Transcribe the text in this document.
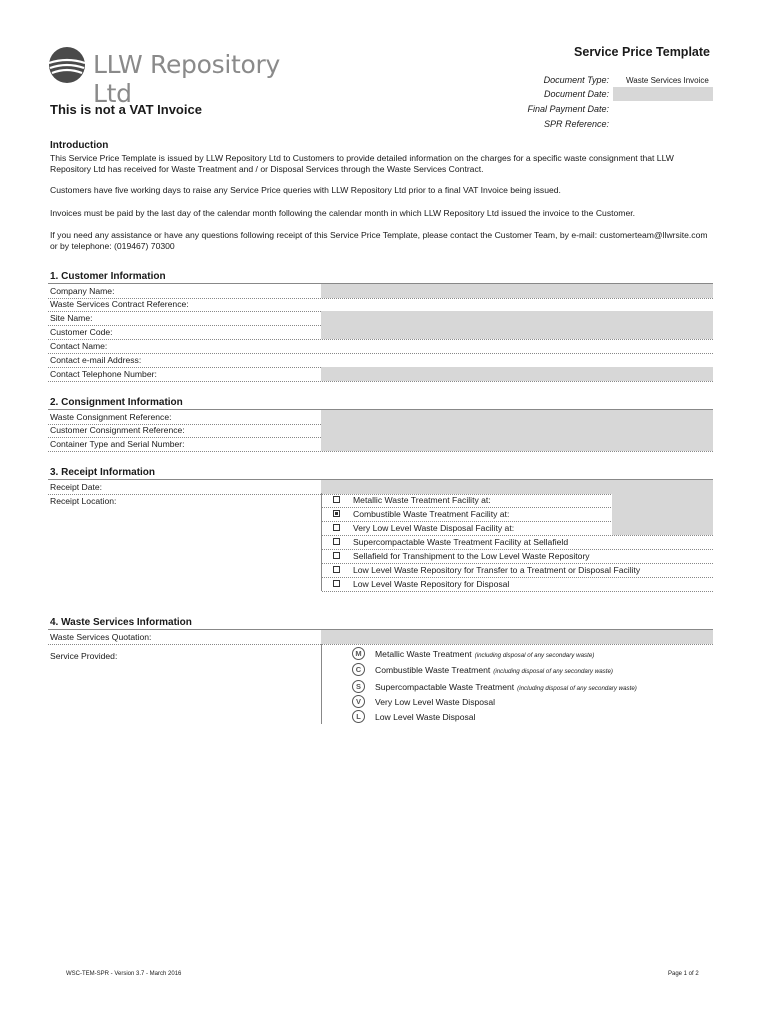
LLW Repository Ltd
Service Price Template
Document Type: Waste Services Invoice
Document Date:
Final Payment Date:
SPR Reference:
This is not a VAT Invoice
Introduction
This Service Price Template is issued by LLW Repository Ltd to Customers to provide detailed information on the charges for a specific waste consignment that LLW Repository Ltd has received for Waste Treatment and / or Disposal Services through the Waste Services Contract.
Customers have five working days to raise any Service Price queries with LLW Repository Ltd prior to a final VAT Invoice being issued.
Invoices must be paid by the last day of the calendar month following the calendar month in which LLW Repository Ltd issued the invoice to the Customer.
If you need any assistance or have any questions following receipt of this Service Price Template, please contact the Customer Team, by e-mail: customerteam@llwrsite.com or by telephone: (019467) 70300
1. Customer Information
Company Name:
Waste Services Contract Reference:
Site Name:
Customer Code:
Contact Name:
Contact e-mail Address:
Contact Telephone Number:
2. Consignment Information
Waste Consignment Reference:
Customer Consignment Reference:
Container Type and Serial Number:
3. Receipt Information
Receipt Date:
Receipt Location:	Metallic Waste Treatment Facility at:
Combustible Waste Treatment Facility at:
Very Low Level Waste Disposal Facility at:
Supercompactable Waste Treatment Facility at Sellafield
Sellafield for Transhipment to the Low Level Waste Repository
Low Level Waste Repository for Transfer to a Treatment or Disposal Facility
Low Level Waste Repository for Disposal
4. Waste Services Information
Waste Services Quotation:
Service Provided:	M	Metallic Waste Treatment (including disposal of any secondary waste)
C	Combustible Waste Treatment (including disposal of any secondary waste)
S	Supercompactable Waste Treatment (including disposal of any secondary waste)
V	Very Low Level Waste Disposal
L	Low Level Waste Disposal
WSC-TEM-SPR - Version 3.7 - March 2016	Page 1 of 2
